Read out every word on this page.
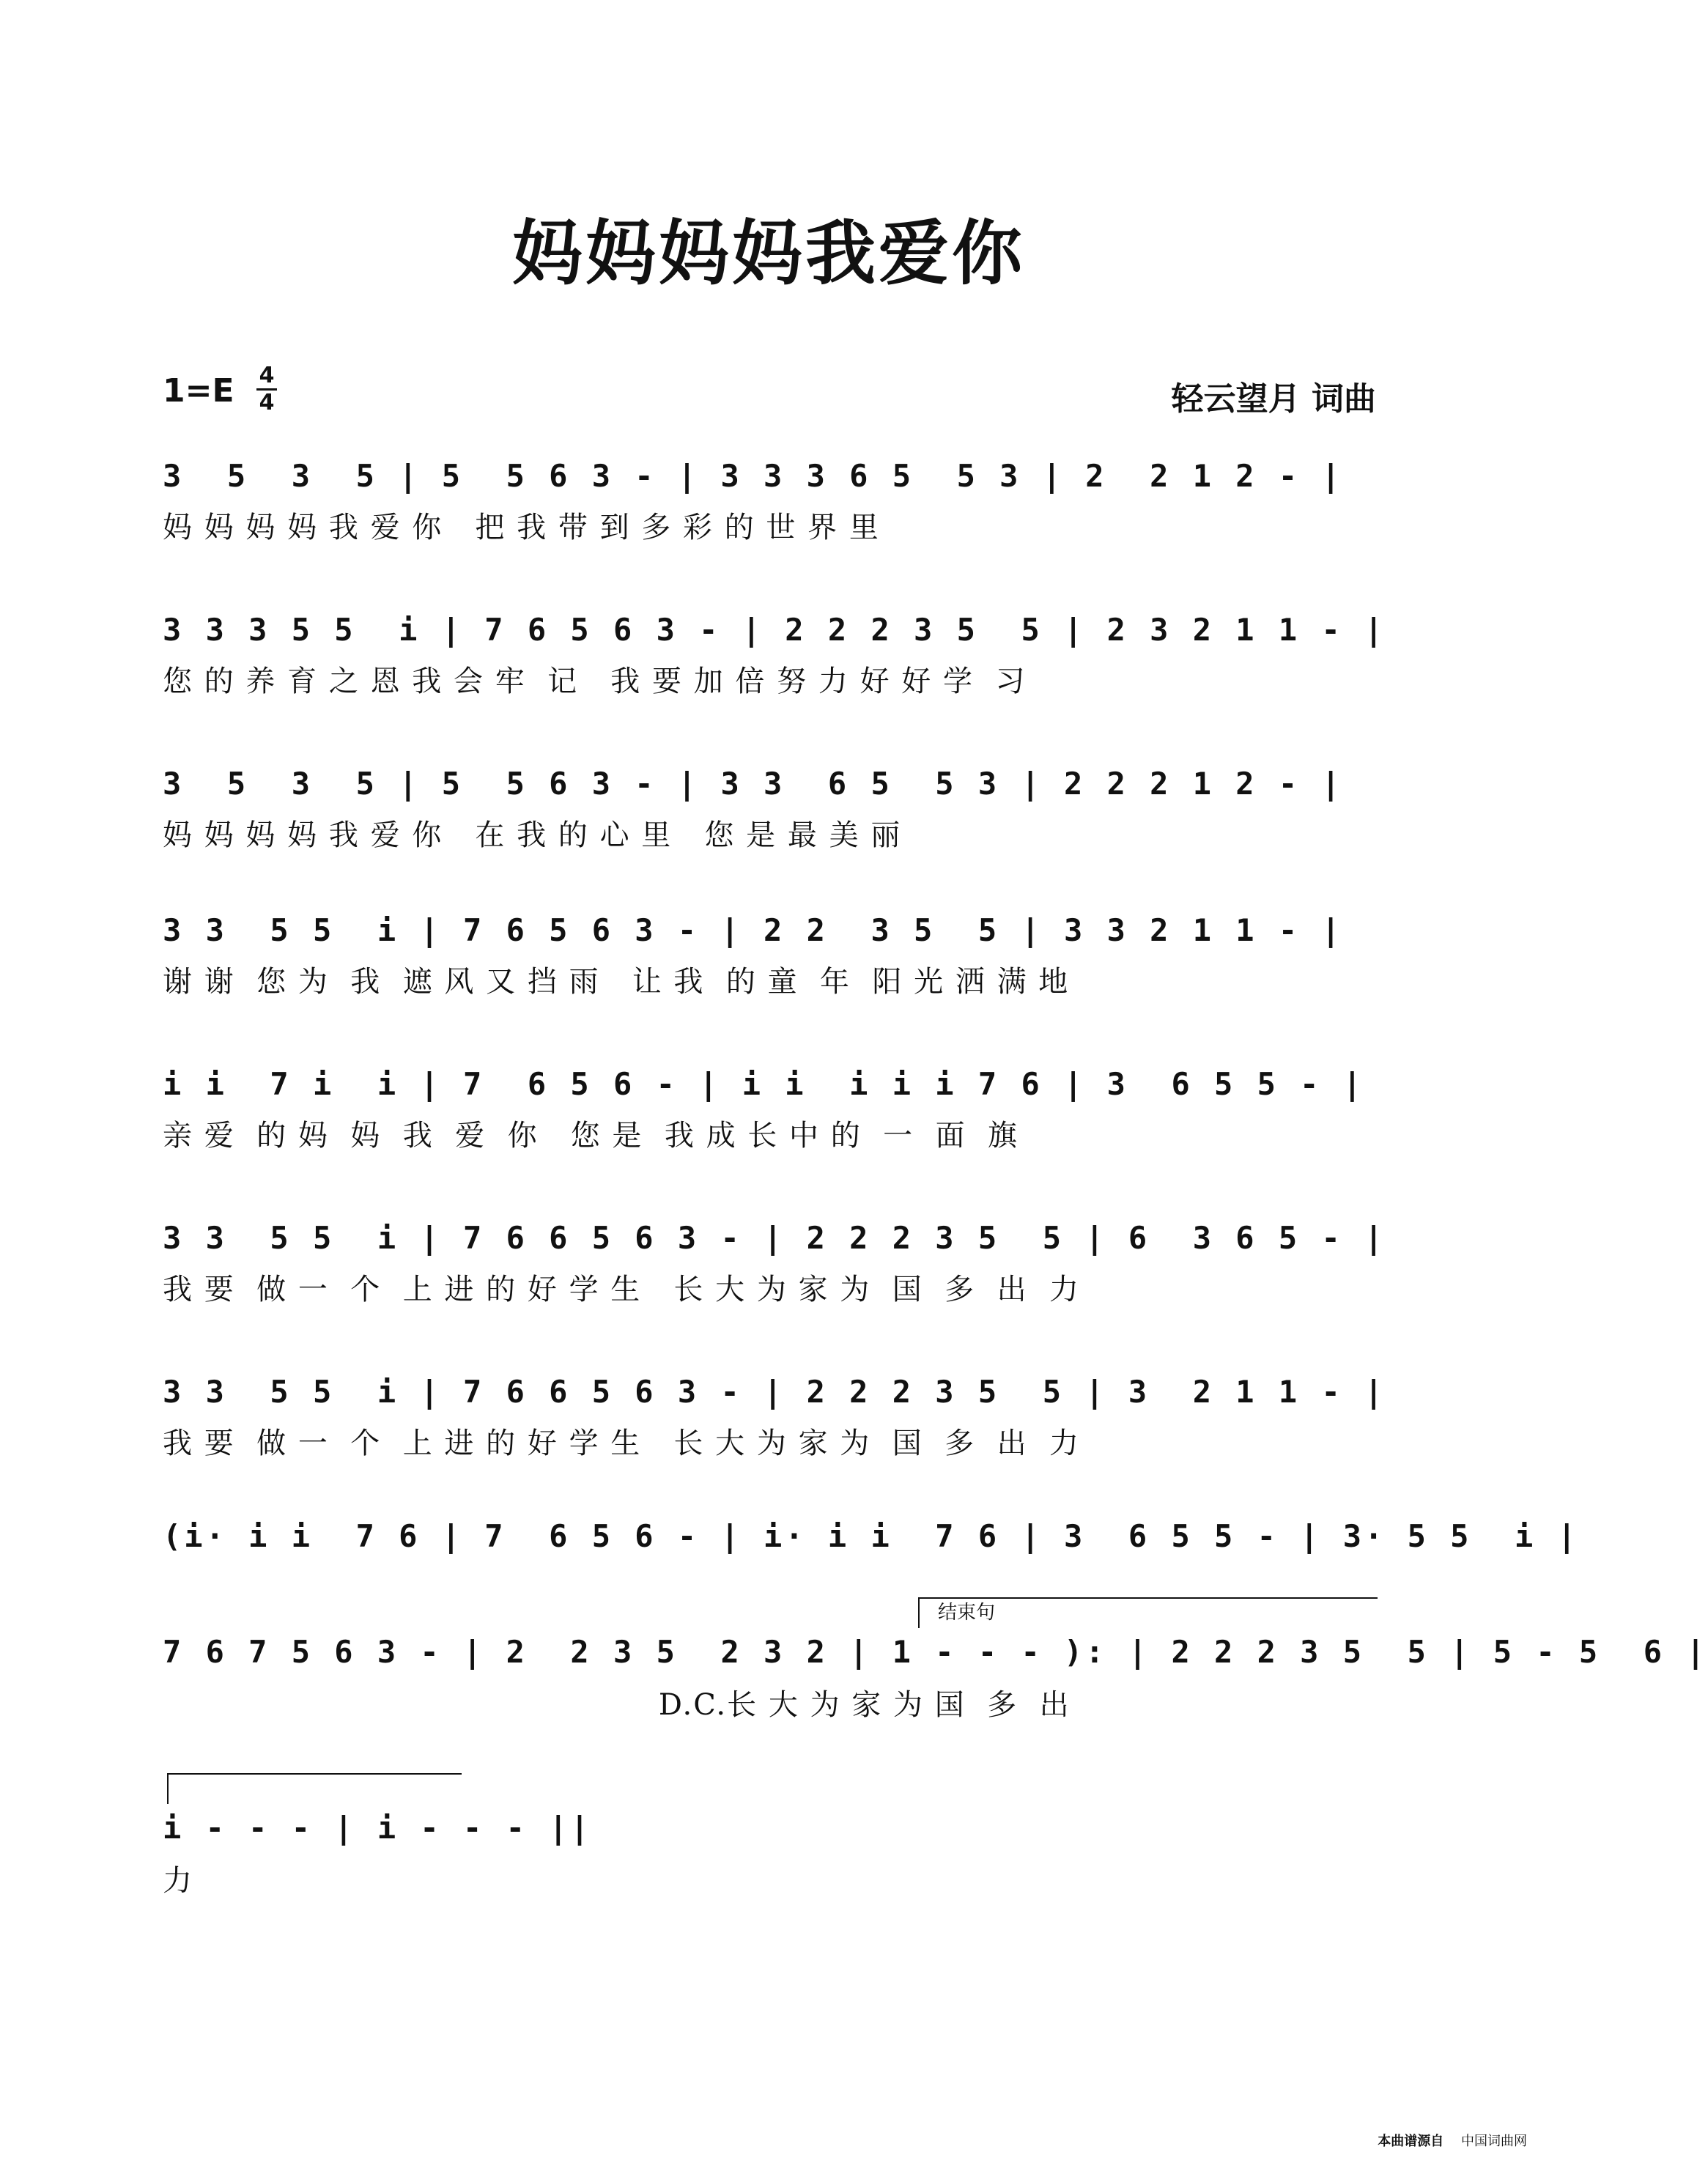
妈妈妈妈我爱你
1=E 4
4	轻云望月 词曲
3  5  3  5 | 5  5 6 3 - | 3 3 3 6 5  5 3 | 2  2 1 2 - |
妈 妈 妈 妈 我 爱 你   把 我 带 到 多 彩 的 世 界 里
3 3 3 5 5  i | 7 6 5 6 3 - | 2 2 2 3 5  5 | 2 3 2 1 1 - |
您 的 养 育 之 恩 我 会 牢  记   我 要 加 倍 努 力 好 好 学  习
3  5  3  5 | 5  5 6 3 - | 3 3  6 5  5 3 | 2 2 2 1 2 - |
妈 妈 妈 妈 我 爱 你   在 我 的 心 里   您 是 最 美 丽
3 3  5 5  i | 7 6 5 6 3 - | 2 2  3 5  5 | 3 3 2 1 1 - |
谢 谢  您 为  我  遮 风 又 挡 雨   让 我  的 童  年  阳 光 洒 满 地
i i  7 i  i | 7  6 5 6 - | i i  i i i 7 6 | 3  6 5 5 - |
亲 爱  的 妈  妈  我  爱  你   您 是  我 成 长 中 的  一  面  旗
3 3  5 5  i | 7 6 6 5 6 3 - | 2 2 2 3 5  5 | 6  3 6 5 - |
我 要  做 一  个  上 进 的 好 学 生   长 大 为 家 为  国  多  出  力
3 3  5 5  i | 7 6 6 5 6 3 - | 2 2 2 3 5  5 | 3  2 1 1 - |
我 要  做 一  个  上 进 的 好 学 生   长 大 为 家 为  国  多  出  力
(i· i i  7 6 | 7  6 5 6 - | i· i i  7 6 | 3  6 5 5 - | 3· 5 5  i |
结束句
7 6 7 5 6 3 - | 2  2 3 5  2 3 2 | 1 - - - ): | 2 2 2 3 5  5 | 5 - 5  6 |
D.C.长 大 为 家 为 国  多  出
i - - - | i - - - ||
力
本曲谱源自 中国词曲网
